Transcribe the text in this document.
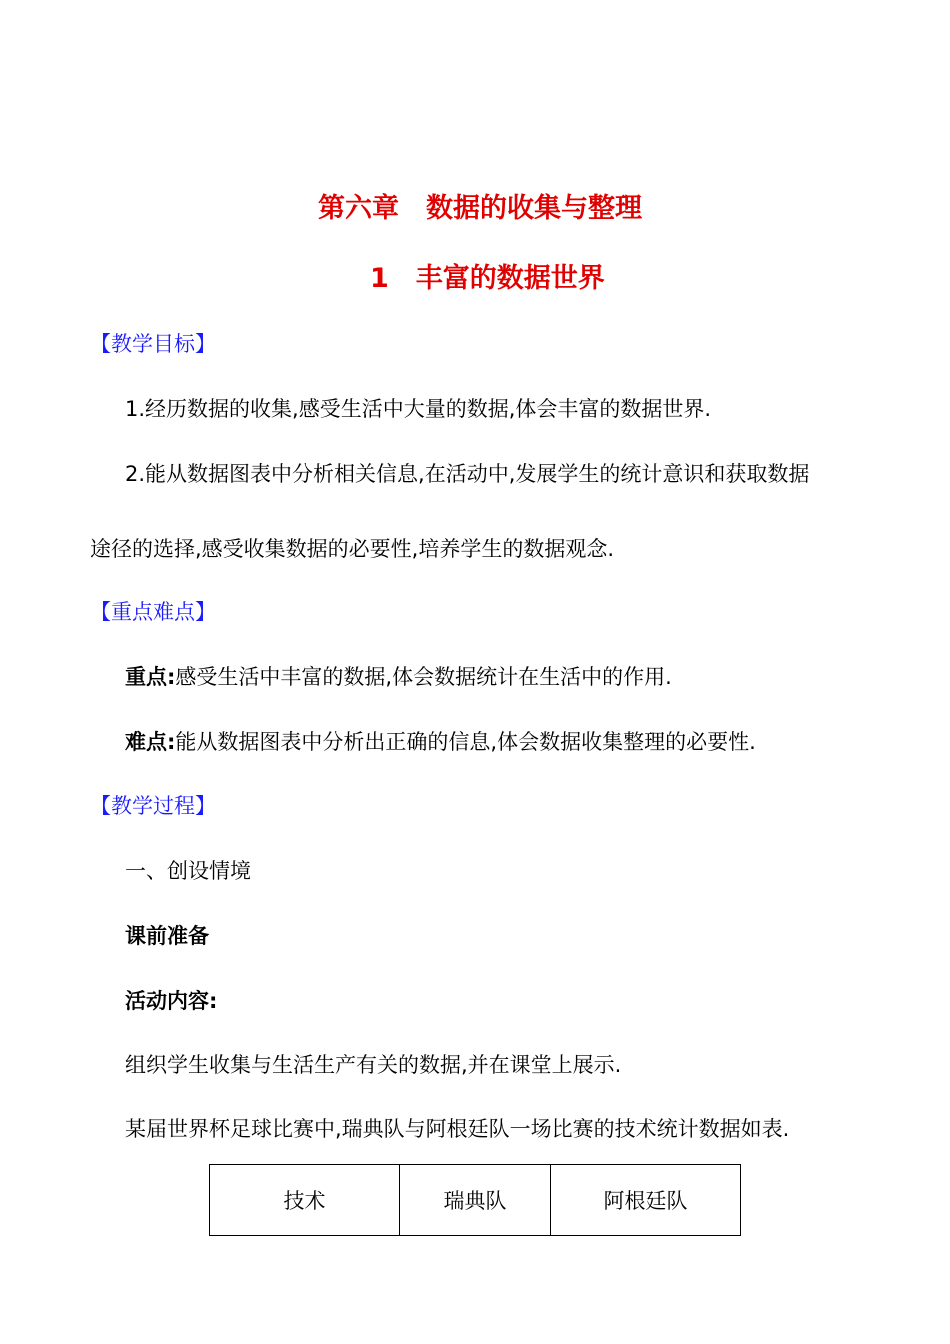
第六章　数据的收集与整理
1　丰富的数据世界
【教学目标】
1.经历数据的收集,感受生活中大量的数据,体会丰富的数据世界.
2.能从数据图表中分析相关信息,在活动中,发展学生的统计意识和获取数据
途径的选择,感受收集数据的必要性,培养学生的数据观念.
【重点难点】
重点:感受生活中丰富的数据,体会数据统计在生活中的作用.
难点:能从数据图表中分析出正确的信息,体会数据收集整理的必要性.
【教学过程】
一、创设情境
课前准备
活动内容:
组织学生收集与生活生产有关的数据,并在课堂上展示.
某届世界杯足球比赛中,瑞典队与阿根廷队一场比赛的技术统计数据如表.
技术	瑞典队	阿根廷队
